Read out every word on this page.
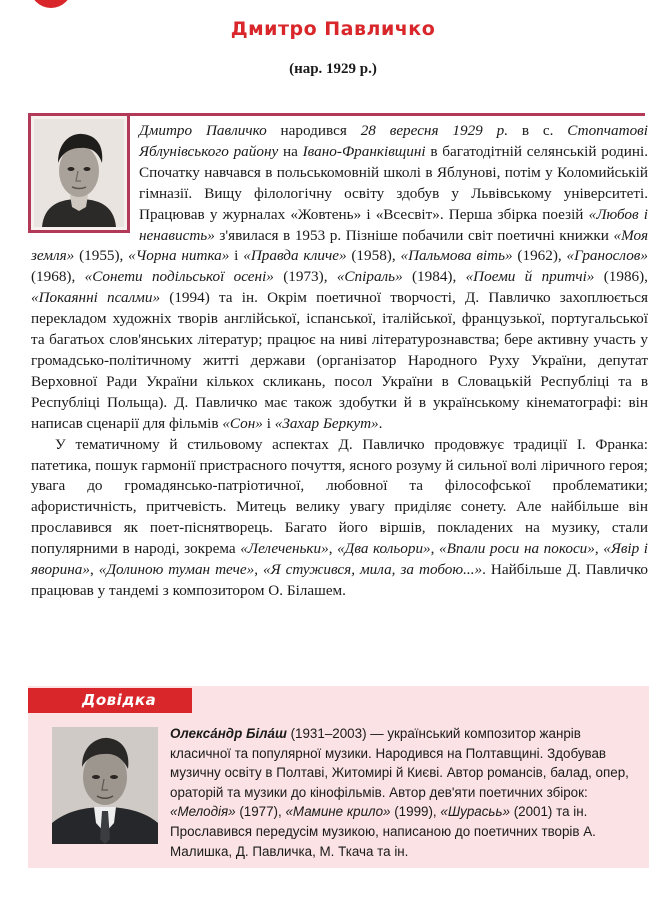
Дмитро Павличко
(нар. 1929 р.)

Дмитро Павличко народився 28 вересня 1929 р. в с. Стопчатові Яблунівського району на Івано-Франківщині в багатодітній селянській родині. Спочатку навчався в польськомовній школі в Яблунові, потім у Коломийській гімназії. Вищу філологічну освіту здобув у Львівському університеті. Працював у журналах «Жовтень» і «Всесвіт». Перша збірка поезій «Любов і ненависть» з'явилася в 1953 р. Пізніше побачили світ поетичні книжки «Моя земля» (1955), «Чорна нитка» і «Правда кличе» (1958), «Пальмова віть» (1962), «Гранослов» (1968), «Сонети подільської осені» (1973), «Спіраль» (1984), «Поеми й притчі» (1986), «Покаянні псалми» (1994) та ін. Окрім поетичної творчості, Д. Павличко захоплюється перекладом художніх творів англійської, іспанської, італійської, французької, португальської та багатьох слов'янських літератур; працює на ниві літературознавства; бере активну участь у громадсько-політичному житті держави (організатор Народного Руху України, депутат Верховної Ради України кількох скликань, посол України в Словацькій Республіці та в Республіці Польща). Д. Павличко має також здобутки й в українському кінематографі: він написав сценарії для фільмів «Сон» і «Захар Беркут».

У тематичному й стильовому аспектах Д. Павличко продовжує традиції І. Франка: патетика, пошук гармонії пристрасного почуття, ясного розуму й сильної волі ліричного героя; увага до громадянсько-патріотичної, любовної та філософської проблематики; афористичність, притчевість. Митець велику увагу приділяє сонету. Але найбільше він прославився як поет-піснятворець. Багато його віршів, покладених на музику, стали популярними в народі, зокрема «Лелеченьки», «Два кольори», «Впали роси на покоси», «Явір і яворина», «Долиною туман тече», «Я стужився, мила, за тобою...». Найбільше Д. Павличко працював у тандемі з композитором О. Білашем.

Довідка
Олекса́ндр Біла́ш (1931–2003) — український композитор жанрів класичної та популярної музики. Народився на Полтавщині. Здобував музичну освіту в Полтаві, Житомирі й Києві. Автор романсів, балад, опер, ораторій та музики до кінофільмів. Автор дев'яти поетичних збірок: «Мелодія» (1977), «Мамине крило» (1999), «Шурасьь» (2001) та ін. Прославився передусім музикою, написаною до поетичних творів А. Малишка, Д. Павличка, М. Ткача та ін.
